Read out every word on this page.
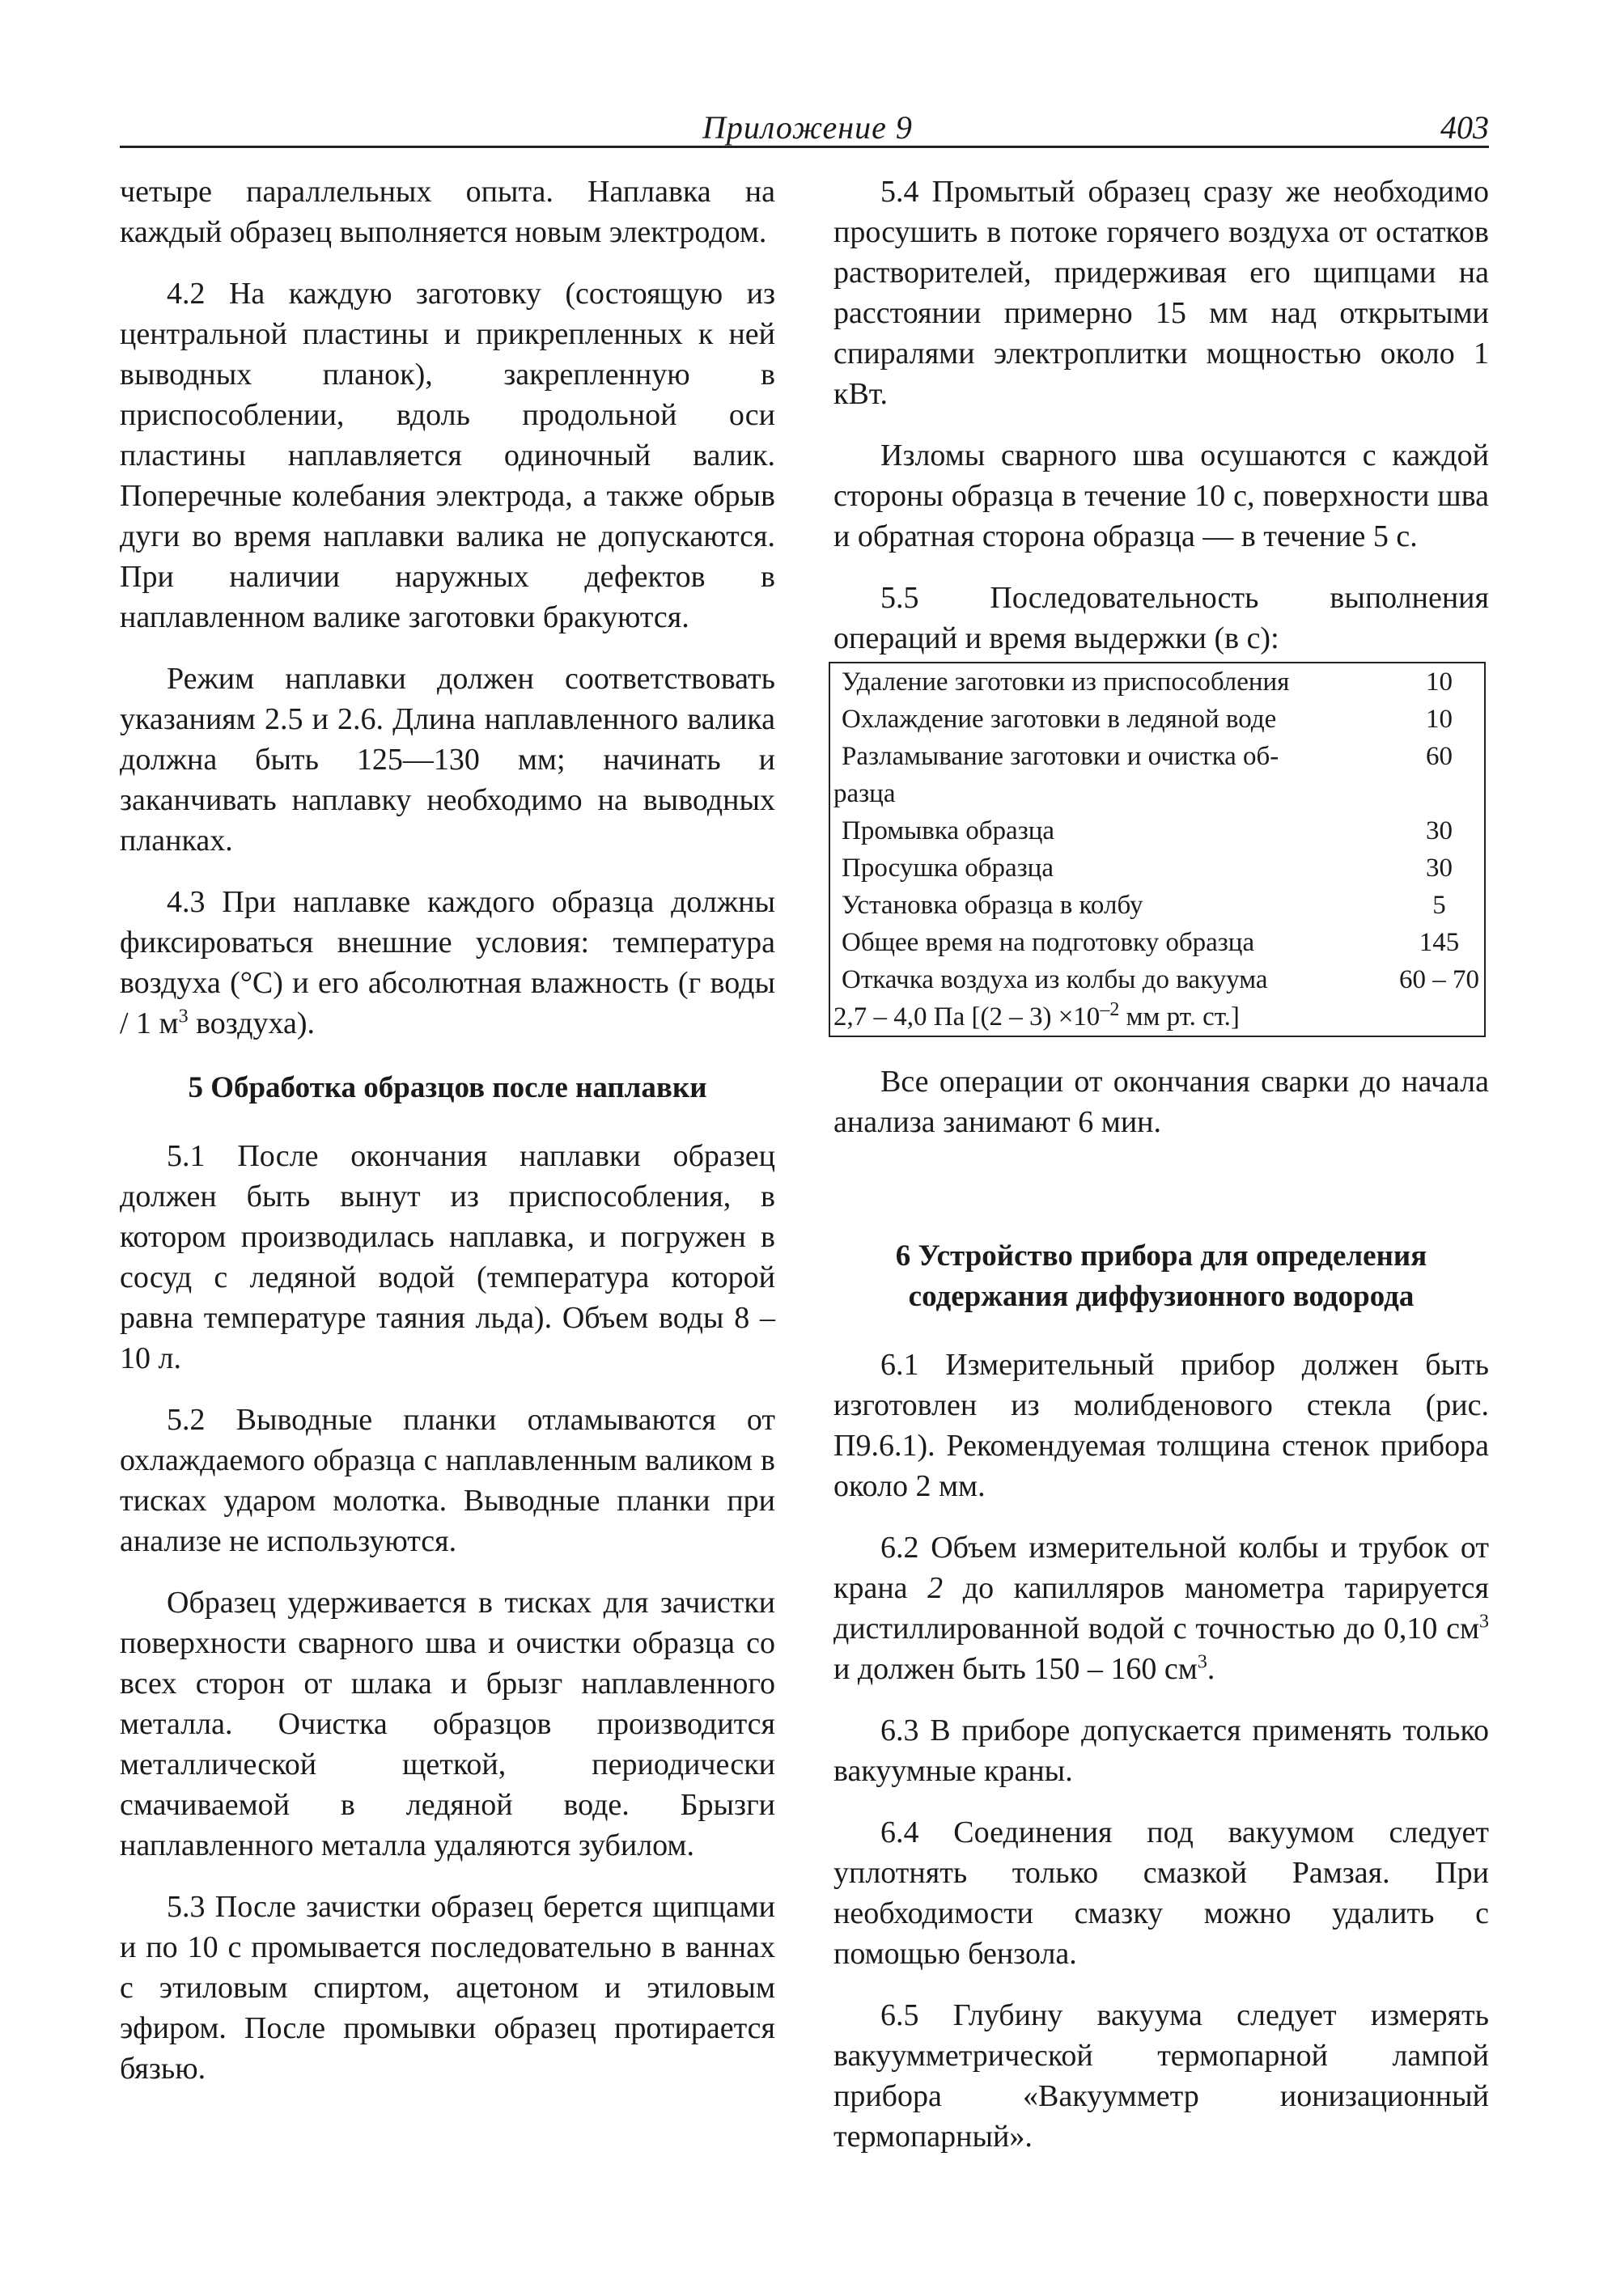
Приложение 9	403

четыре параллельных опыта. Наплавка на каждый образец выполняется новым электродом.

4.2 На каждую заготовку (состоящую из центральной пластины и прикрепленных к ней выводных планок), закрепленную в приспособлении, вдоль продольной оси пластины наплавляется одиночный валик. Поперечные колебания электрода, а также обрыв дуги во время наплавки валика не допускаются. При наличии наружных дефектов в наплавленном валике заготовки бракуются.

Режим наплавки должен соответствовать указаниям 2.5 и 2.6. Длина наплавленного валика должна быть 125—130 мм; начинать и заканчивать наплавку необходимо на выводных планках.

4.3 При наплавке каждого образца должны фиксироваться внешние условия: температура воздуха (°С) и его абсолютная влажность (г воды / 1 $м^3$ воздуха).

5 Обработка образцов после наплавки

5.1 После окончания наплавки образец должен быть вынут из приспособления, в котором производилась наплавка, и погружен в сосуд с ледяной водой (температура которой равна температуре таяния льда). Объем воды 8 – 10 л.

5.2 Выводные планки отламываются от охлаждаемого образца с наплавленным валиком в тисках ударом молотка. Выводные планки при анализе не используются.

Образец удерживается в тисках для зачистки поверхности сварного шва и очистки образца со всех сторон от шлака и брызг наплавленного металла. Очистка образцов производится металлической щеткой, периодически смачиваемой в ледяной воде. Брызги наплавленного металла удаляются зубилом.

5.3 После зачистки образец берется щипцами и по 10 с промывается последовательно в ваннах с этиловым спиртом, ацетоном и этиловым эфиром. После промывки образец протирается бязью.

5.4 Промытый образец сразу же необходимо просушить в потоке горячего воздуха от остатков растворителей, придерживая его щипцами на расстоянии примерно 15 мм над открытыми спиралями электроплитки мощностью около 1 кВт.

Изломы сварного шва осушаются с каждой стороны образца в течение 10 с, поверхности шва и обратная сторона образца — в течение 5 с.

5.5 Последовательность выполнения операций и время выдержки (в с):

Удаление заготовки из приспособления	10
Охлаждение заготовки в ледяной воде	10
Разламывание заготовки и очистка об-	60
разца	
Промывка образца	30
Просушка образца	30
Установка образца в колбу	5
Общее время на подготовку образца	145
Откачка воздуха из колбы до вакуума	60 – 70
2,7 – 4,0 Па [$(2 - 3) \times 10^{-2}$ мм рт. ст.]	

Все операции от окончания сварки до начала анализа занимают 6 мин.

6 Устройство прибора для определения содержания диффузионного водорода

6.1 Измерительный прибор должен быть изготовлен из молибденового стекла (рис. П9.6.1). Рекомендуемая толщина стенок прибора около 2 мм.

6.2 Объем измерительной колбы и трубок от крана 2 до капилляров манометра тарируется дистиллированной водой с точностью до 0,10 $см^3$ и должен быть 150 – 160 $см^3$.

6.3 В приборе допускается применять только вакуумные краны.

6.4 Соединения под вакуумом следует уплотнять только смазкой Рамзая. При необходимости смазку можно удалить с помощью бензола.

6.5 Глубину вакуума следует измерять вакуумметрической термопарной лампой прибора «Вакуумметр ионизационный термопарный».
